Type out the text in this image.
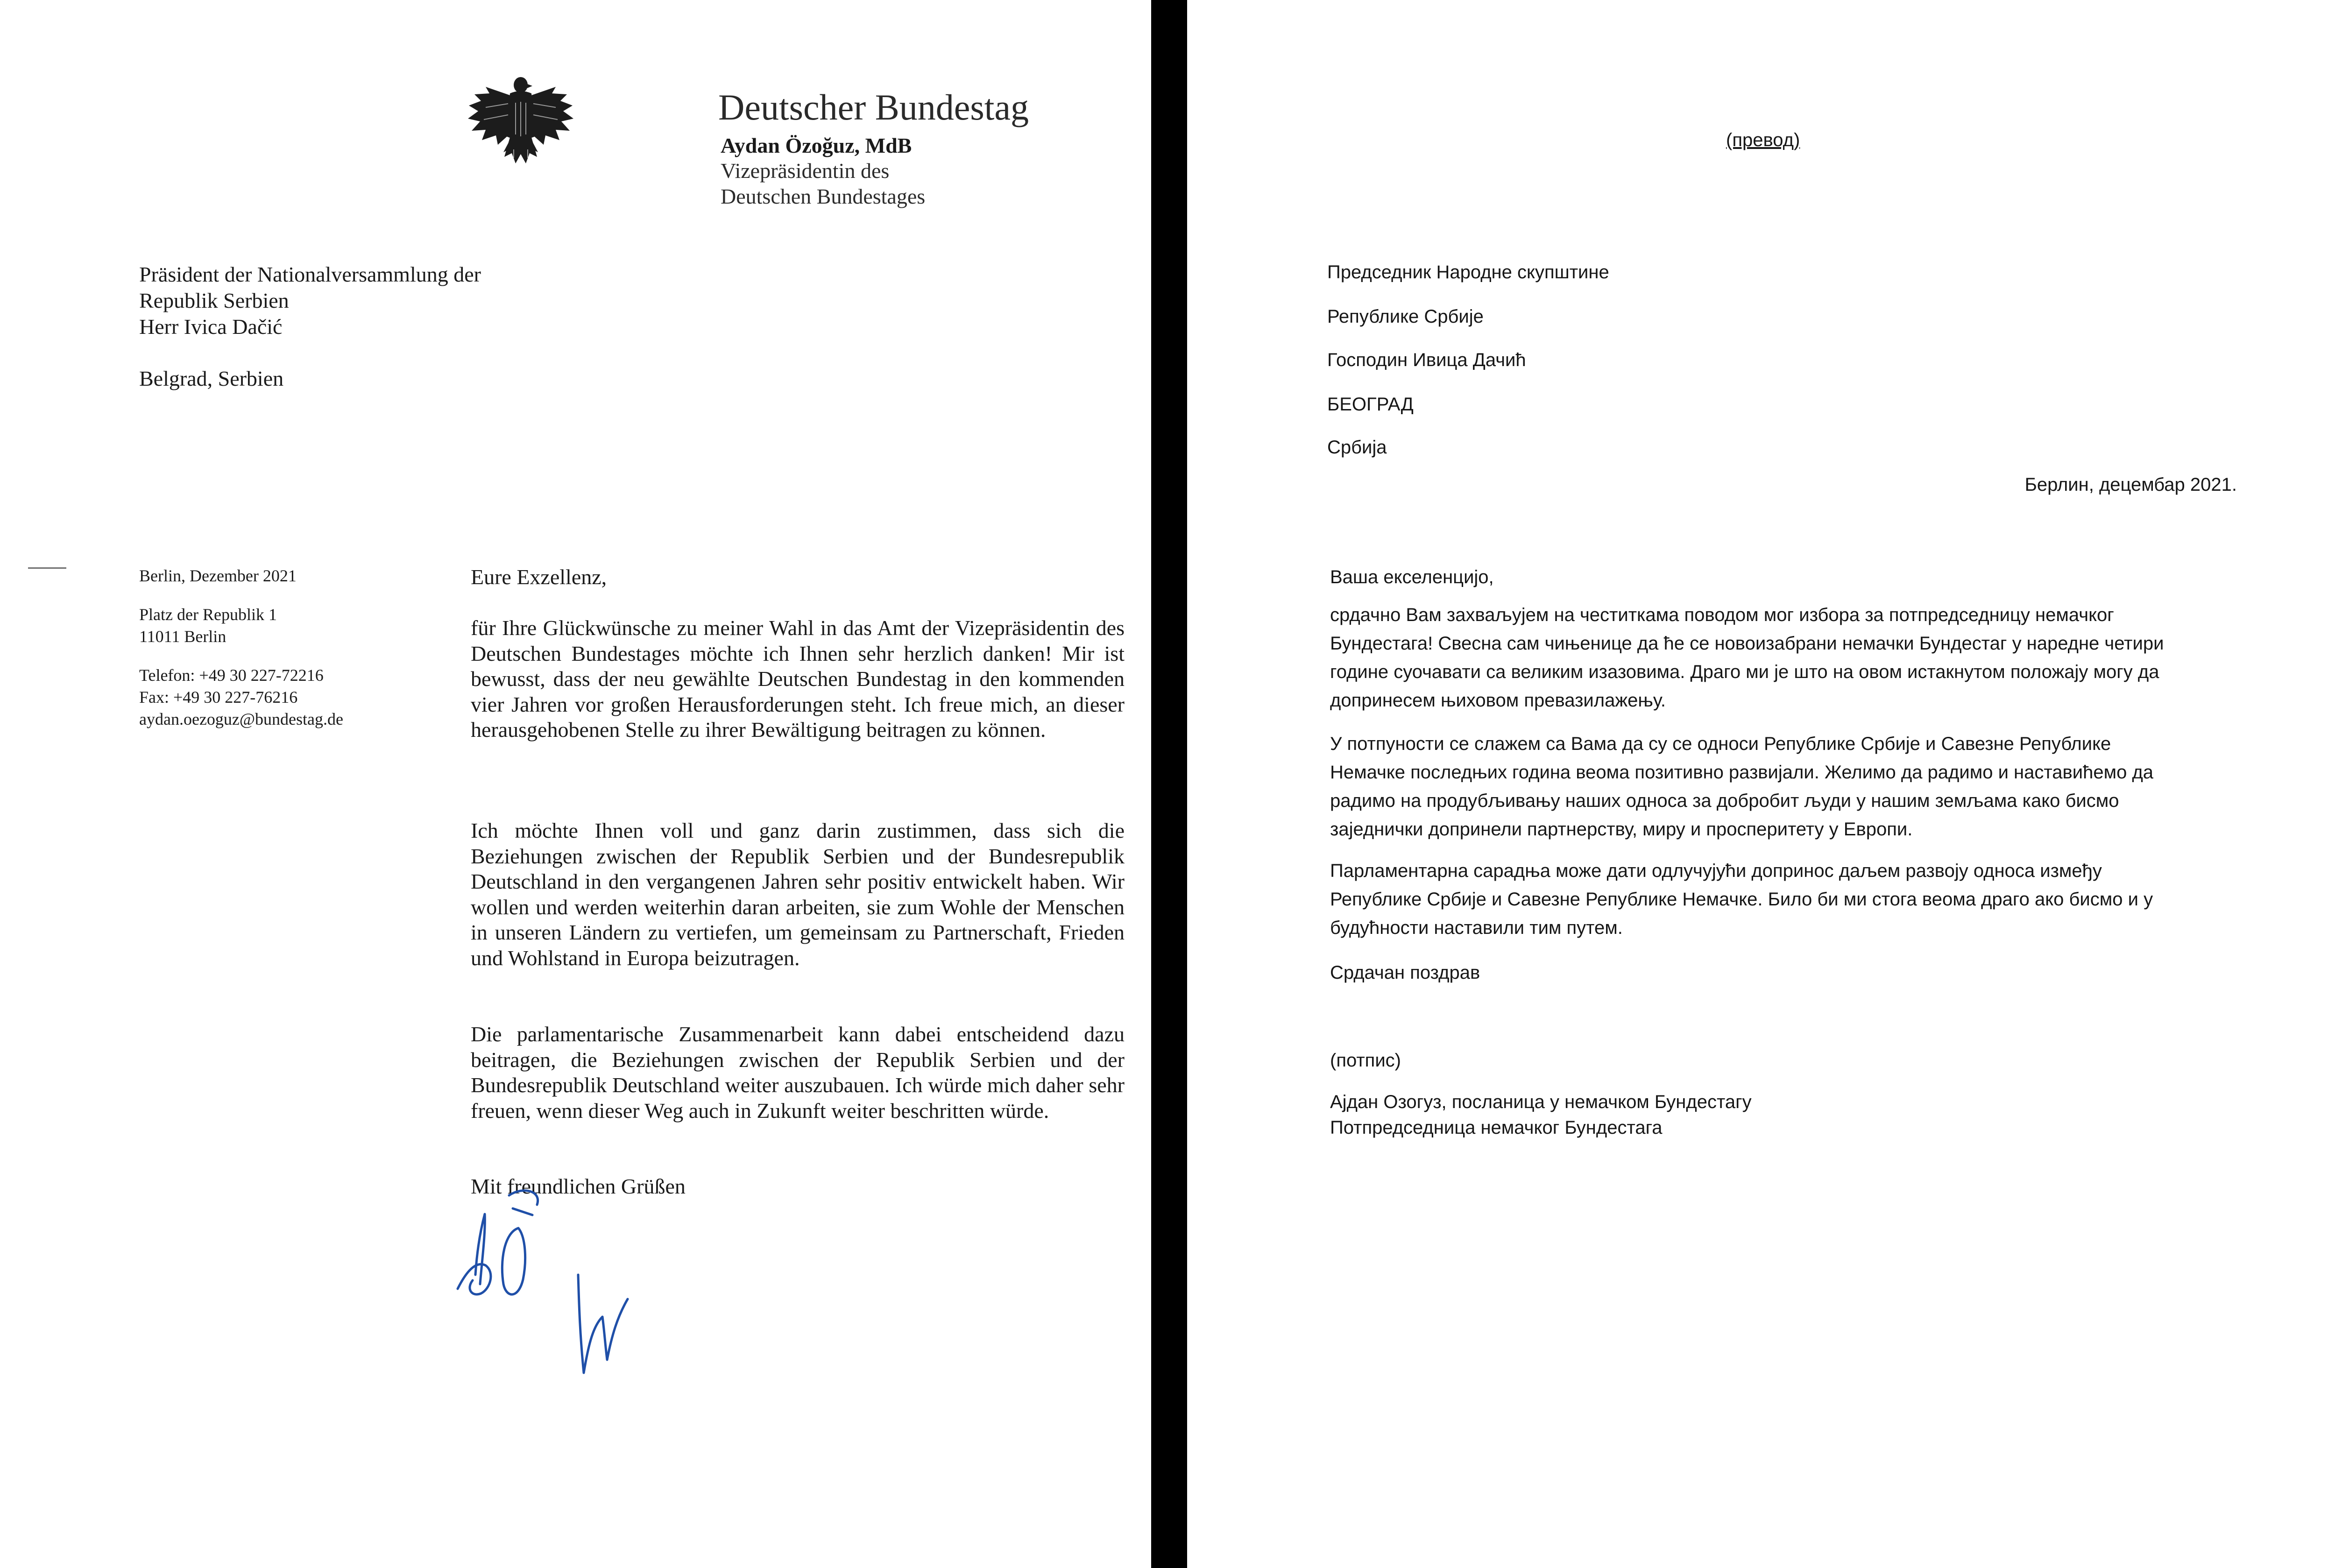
Deutscher Bundestag
Aydan Özoğuz, MdB
Vizepräsidentin des
Deutschen Bundestages
Präsident der Nationalversammlung der
Republik Serbien
Herr Ivica Dačić
Belgrad, Serbien
Berlin, Dezember 2021
Platz der Republik 1
11011 Berlin
Telefon: +49 30 227-72216
Fax: +49 30 227-76216
aydan.oezoguz@bundestag.de
Eure Exzellenz,
für Ihre Glückwünsche zu meiner Wahl in das Amt der Vizepräsidentin des Deutschen Bundestages möchte ich Ihnen sehr herzlich danken! Mir ist bewusst, dass der neu gewählte Deutschen Bundestag in den kommenden vier Jahren vor großen Herausforderungen steht. Ich freue mich, an dieser herausgehobenen Stelle zu ihrer Bewältigung beitragen zu können.
Ich möchte Ihnen voll und ganz darin zustimmen, dass sich die Beziehungen zwischen der Republik Serbien und der Bundesrepublik Deutschland in den vergangenen Jahren sehr positiv entwickelt haben. Wir wollen und werden weiterhin daran arbeiten, sie zum Wohle der Menschen in unseren Ländern zu vertiefen, um gemeinsam zu Partnerschaft, Frieden und Wohlstand in Europa beizutragen.
Die parlamentarische Zusammenarbeit kann dabei entscheidend dazu beitragen, die Beziehungen zwischen der Republik Serbien und der Bundesrepublik Deutschland weiter auszubauen. Ich würde mich daher sehr freuen, wenn dieser Weg auch in Zukunft weiter beschritten würde.
Mit freundlichen Grüßen
(превод)
Председник Народне скупштине
Републике Србије
Господин Ивица Дачић
БЕОГРАД
Србија
Берлин, децембар 2021.
Ваша екселенцијо,
срдачно Вам захваљујем на честиткама поводом мог избора за потпредседницу немачког
Бундестага! Свесна сам чињенице да ће се новоизабрани немачки Бундестаг у наредне четири
године суочавати са великим изазовима. Драго ми је што на овом истакнутом положају могу да
допринесем њиховом превазилажењу.
У потпуности се слажем са Вама да су се односи Републике Србије и Савезне Републике
Немачке последњих година веома позитивно развијали. Желимо да радимо и наставићемо да
радимо на продубљивању наших односа за добробит људи у нашим земљама како бисмо
заједнички допринели партнерству, миру и просперитету у Европи.
Парламентарна сарадња може дати одлучујући допринос даљем развоју односа између
Републике Србије и Савезне Републике Немачке. Било би ми стога веома драго ако бисмо и у
будућности наставили тим путем.
Срдачан поздрав
(потпис)
Ајдан Озогуз, посланица у немачком Бундестагу
Потпредседница немачког Бундестага
